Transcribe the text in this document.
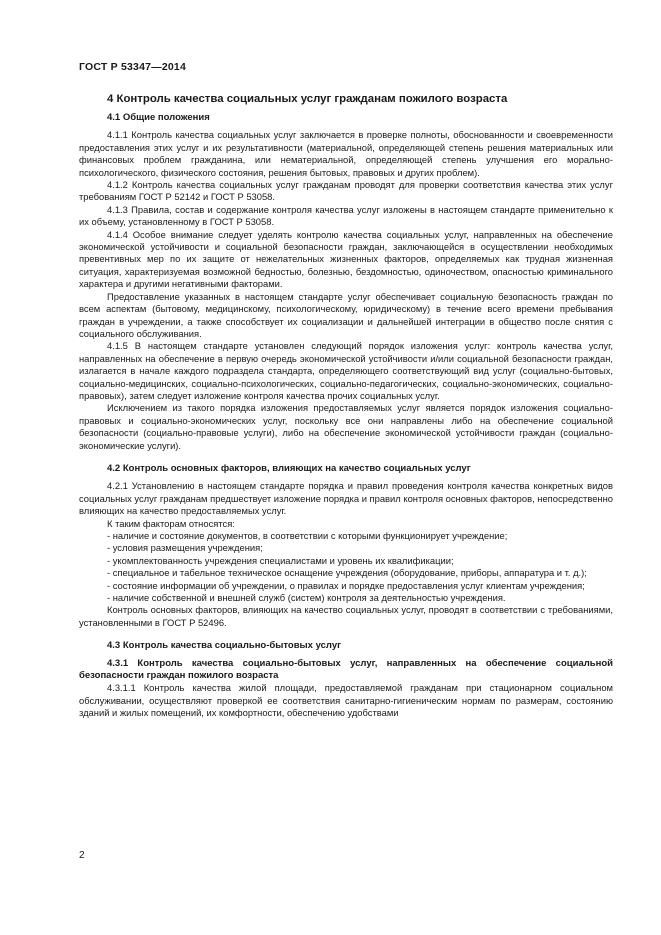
ГОСТ Р 53347—2014
4 Контроль качества социальных услуг гражданам пожилого возраста
4.1 Общие положения

4.1.1 Контроль качества социальных услуг заключается в проверке полноты, обоснованности и своевременности предоставления этих услуг и их результативности (материальной, определяющей степень решения материальных или финансовых проблем гражданина, или нематериальной, определяющей степень улучшения его морально-психологического, физического состояния, решения бытовых, правовых и других проблем).

4.1.2 Контроль качества социальных услуг гражданам проводят для проверки соответствия качества этих услуг требованиям ГОСТ Р 52142 и ГОСТ Р 53058.

4.1.3 Правила, состав и содержание контроля качества услуг изложены в настоящем стандарте применительно к их объему, установленному в ГОСТ Р 53058.

4.1.4 Особое внимание следует уделять контролю качества социальных услуг, направленных на обеспечение экономической устойчивости и социальной безопасности граждан, заключающейся в осуществлении необходимых превентивных мер по их защите от нежелательных жизненных факторов, определяемых как трудная жизненная ситуация, характеризуемая возможной бедностью, болезнью, бездомностью, одиночеством, опасностью криминального характера и другими негативными факторами.

Предоставление указанных в настоящем стандарте услуг обеспечивает социальную безопасность граждан по всем аспектам (бытовому, медицинскому, психологическому, юридическому) в течение всего времени пребывания граждан в учреждении, а также способствует их социализации и дальнейшей интеграции в общество после снятия с социального обслуживания.

4.1.5 В настоящем стандарте установлен следующий порядок изложения услуг: контроль качества услуг, направленных на обеспечение в первую очередь экономической устойчивости и/или социальной безопасности граждан, излагается в начале каждого подраздела стандарта, определяющего соответствующий вид услуг (социально-бытовых, социально-медицинских, социально-психологических, социально-педагогических, социально-экономических, социально-правовых), затем следует изложение контроля качества прочих социальных услуг.

Исключением из такого порядка изложения предоставляемых услуг является порядок изложения социально-правовых и социально-экономических услуг, поскольку все они направлены либо на обеспечение социальной безопасности (социально-правовые услуги), либо на обеспечение экономической устойчивости граждан (социально-экономические услуги).

4.2 Контроль основных факторов, влияющих на качество социальных услуг

4.2.1 Установлению в настоящем стандарте порядка и правил проведения контроля качества конкретных видов социальных услуг гражданам предшествует изложение порядка и правил контроля основных факторов, непосредственно влияющих на качество предоставляемых услуг.

К таким факторам относятся:

- наличие и состояние документов, в соответствии с которыми функционирует учреждение;

- условия размещения учреждения;

- укомплектованность учреждения специалистами и уровень их квалификации;

- специальное и табельное техническое оснащение учреждения (оборудование, приборы, аппаратура и т. д.);

- состояние информации об учреждении, о правилах и порядке предоставления услуг клиентам учреждения;

- наличие собственной и внешней служб (систем) контроля за деятельностью учреждения.

Контроль основных факторов, влияющих на качество социальных услуг, проводят в соответствии с требованиями, установленными в ГОСТ Р 52496.

4.3 Контроль качества социально-бытовых услуг
4.3.1 Контроль качества социально-бытовых услуг, направленных на обеспечение социальной безопасности граждан пожилого возраста

4.3.1.1 Контроль качества жилой площади, предоставляемой гражданам при стационарном социальном обслуживании, осуществляют проверкой ее соответствия санитарно-гигиеническим нормам по размерам, состоянию зданий и жилых помещений, их комфортности, обеспечению удобствами

2
